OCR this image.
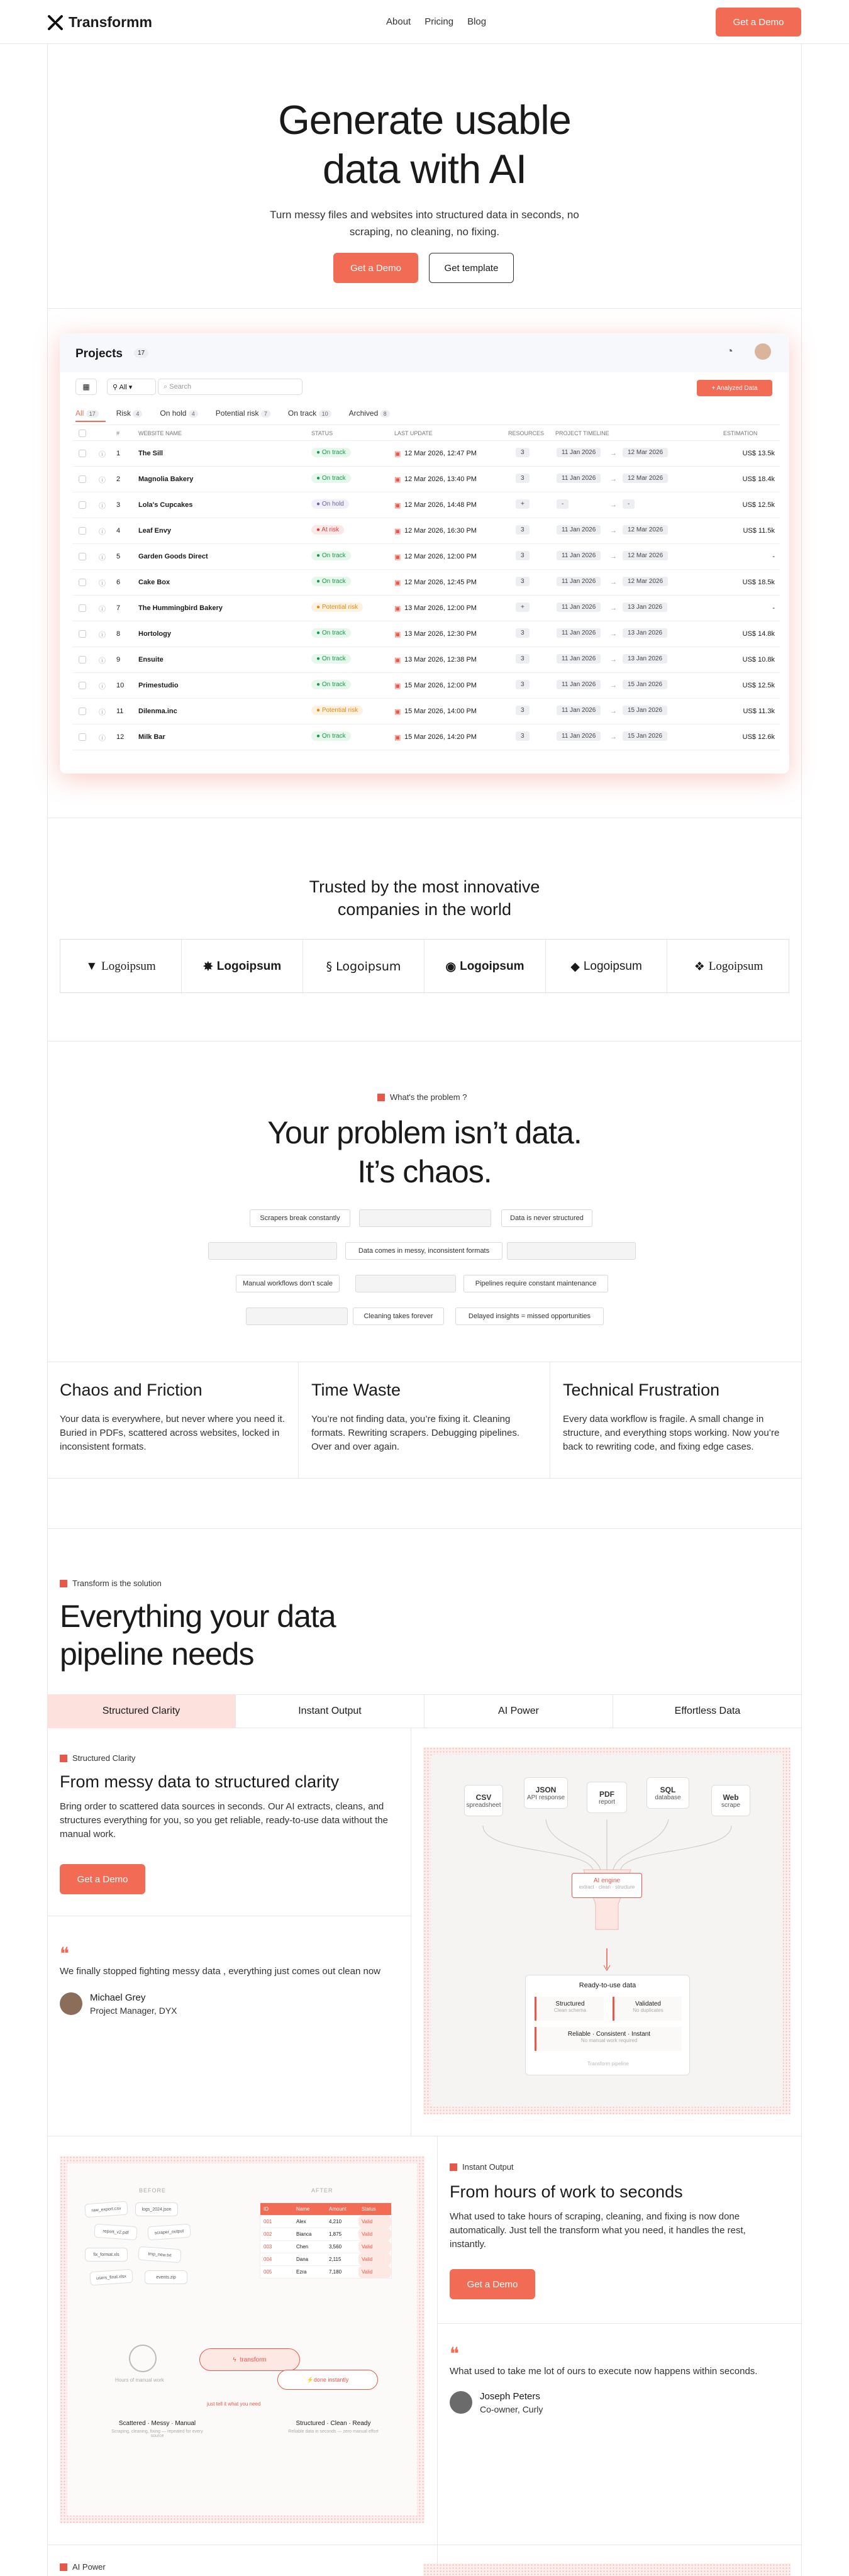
Transformm	About Pricing Blog	Get a Demo
Generate usable
data with AI

Turn messy files and websites into structured data in seconds, no
scraping, no cleaning, no fixing.

Get a Demo	Get template
Projects	17	◔
▦	⚲ All ▾	⌕ Search	+ Analyzed Data
All 17	Risk 4	On hold 4	Potential risk 7	On track 10	Archived 8
#	WEBSITE NAME	STATUS	LAST UPDATE	RESOURCES PROJECT TIMELINE	ESTIMATION
ⓘ 1	The Sill	● On track	▣ 12 Mar 2026, 12:47 PM	3	11 Jan 2026	→	12 Mar 2026	US$ 13.5k
ⓘ 2	Magnolia Bakery	● On track	▣ 12 Mar 2026, 13:40 PM	3	11 Jan 2026	→	12 Mar 2026	US$ 18.4k
ⓘ 3	Lola's Cupcakes	● On hold	▣ 12 Mar 2026, 14:48 PM	+	-	→	-	US$ 12.5k
ⓘ 4	Leaf Envy	● At risk	▣ 12 Mar 2026, 16:30 PM	3	11 Jan 2026	→	12 Mar 2026	US$ 11.5k
ⓘ 5	Garden Goods Direct	● On track	▣ 12 Mar 2026, 12:00 PM	3	11 Jan 2026	→	12 Mar 2026	-
ⓘ 6	Cake Box	● On track	▣ 12 Mar 2026, 12:45 PM	3	11 Jan 2026	→	12 Mar 2026	US$ 18.5k
ⓘ 7	The Hummingbird Bakery	● Potential risk	▣ 13 Mar 2026, 12:00 PM	+	11 Jan 2026	→	13 Jan 2026	-
ⓘ 8	Hortology	● On track	▣ 13 Mar 2026, 12:30 PM	3	11 Jan 2026	→	13 Jan 2026	US$ 14.8k
ⓘ 9	Ensuite	● On track	▣ 13 Mar 2026, 12:38 PM	3	11 Jan 2026	→	13 Jan 2026	US$ 10.8k
ⓘ 10 Primestudio	● On track	▣ 15 Mar 2026, 12:00 PM	3	11 Jan 2026	→	15 Jan 2026	US$ 12.5k
ⓘ 11 Dilenma.inc	● Potential risk	▣ 15 Mar 2026, 14:00 PM	3	11 Jan 2026	→	15 Jan 2026	US$ 11.3k
ⓘ 12 Milk Bar	● On track	▣ 15 Mar 2026, 14:20 PM	3	11 Jan 2026	→	15 Jan 2026	US$ 12.6k
Trusted by the most innovative
companies in the world
▼ Logoipsum	✸ Logoipsum	§ Logoipsum	◉ Logoipsum	◆ Logoipsum	❖ Logoipsum
What's the problem ?
Your problem isn’t data.
It’s chaos.
Scrapers break constantly	Data is never structured
Data comes in messy, inconsistent formats
Manual workflows don’t scale	Pipelines require constant maintenance
Cleaning takes forever	Delayed insights = missed opportunities
Chaos and Friction

Your data is everywhere, but never where you need it. Buried in PDFs, scattered across websites, locked in inconsistent formats.

Time Waste

You’re not finding data, you’re fixing it. Cleaning formats. Rewriting scrapers. Debugging pipelines. Over and over again.

Technical Frustration

Every data workflow is fragile. A small change in structure, and everything stops working. Now you’re back to rewriting code, and fixing edge cases.

Transform is the solution
Everything your data
pipeline needs
Structured Clarity	Instant Output	AI Power	Effortless Data
Structured Clarity
From messy data to structured clarity

Bring order to scattered data sources in seconds. Our AI extracts, cleans, and structures everything for you, so you get reliable, ready-to-use data without the manual work.

Get a Demo
❝

We finally stopped fighting messy data , everything just comes out clean now

Michael Grey
Project Manager, DYX
CSV
spreadsheet
JSON
API response	PDF
report
SQL
database	Web
scrape
AI engine
extract · clean · structure
Ready-to-use data
Structured
Clean schema
Validated
No duplicates
Reliable · Consistent · Instant
No manual work required
Transform pipeline
BEFORE	AFTER
raw_export.csv	logs_2024.json
report_v2.pdf	scraper_output
fix_format.xls	tmp_new.txt
users_final.xlsx	events.zip
ID	Name	Amount	Status
001	Alex	4,210	Valid
002	Bianca	1,875	Valid
003	Chen	3,560	Valid
004	Dana	2,115	Valid
005	Ezra	7,180	Valid
Hours of manual work
ϟ transform
⚡ done instantly
just tell it what you need
Scattered · Messy · Manual
Scraping, cleaning, fixing — repeated for every source
Structured · Clean · Ready
Reliable data in seconds — zero manual effort
Instant Output
From hours of work to seconds

What used to take hours of scraping, cleaning, and fixing is now done automatically. Just tell the transform what you need, it handles the rest, instantly.

Get a Demo
❝

What used to take me lot of ours to execute now happens within seconds.

Joseph Peters
Co-owner, Curly
AI Power
